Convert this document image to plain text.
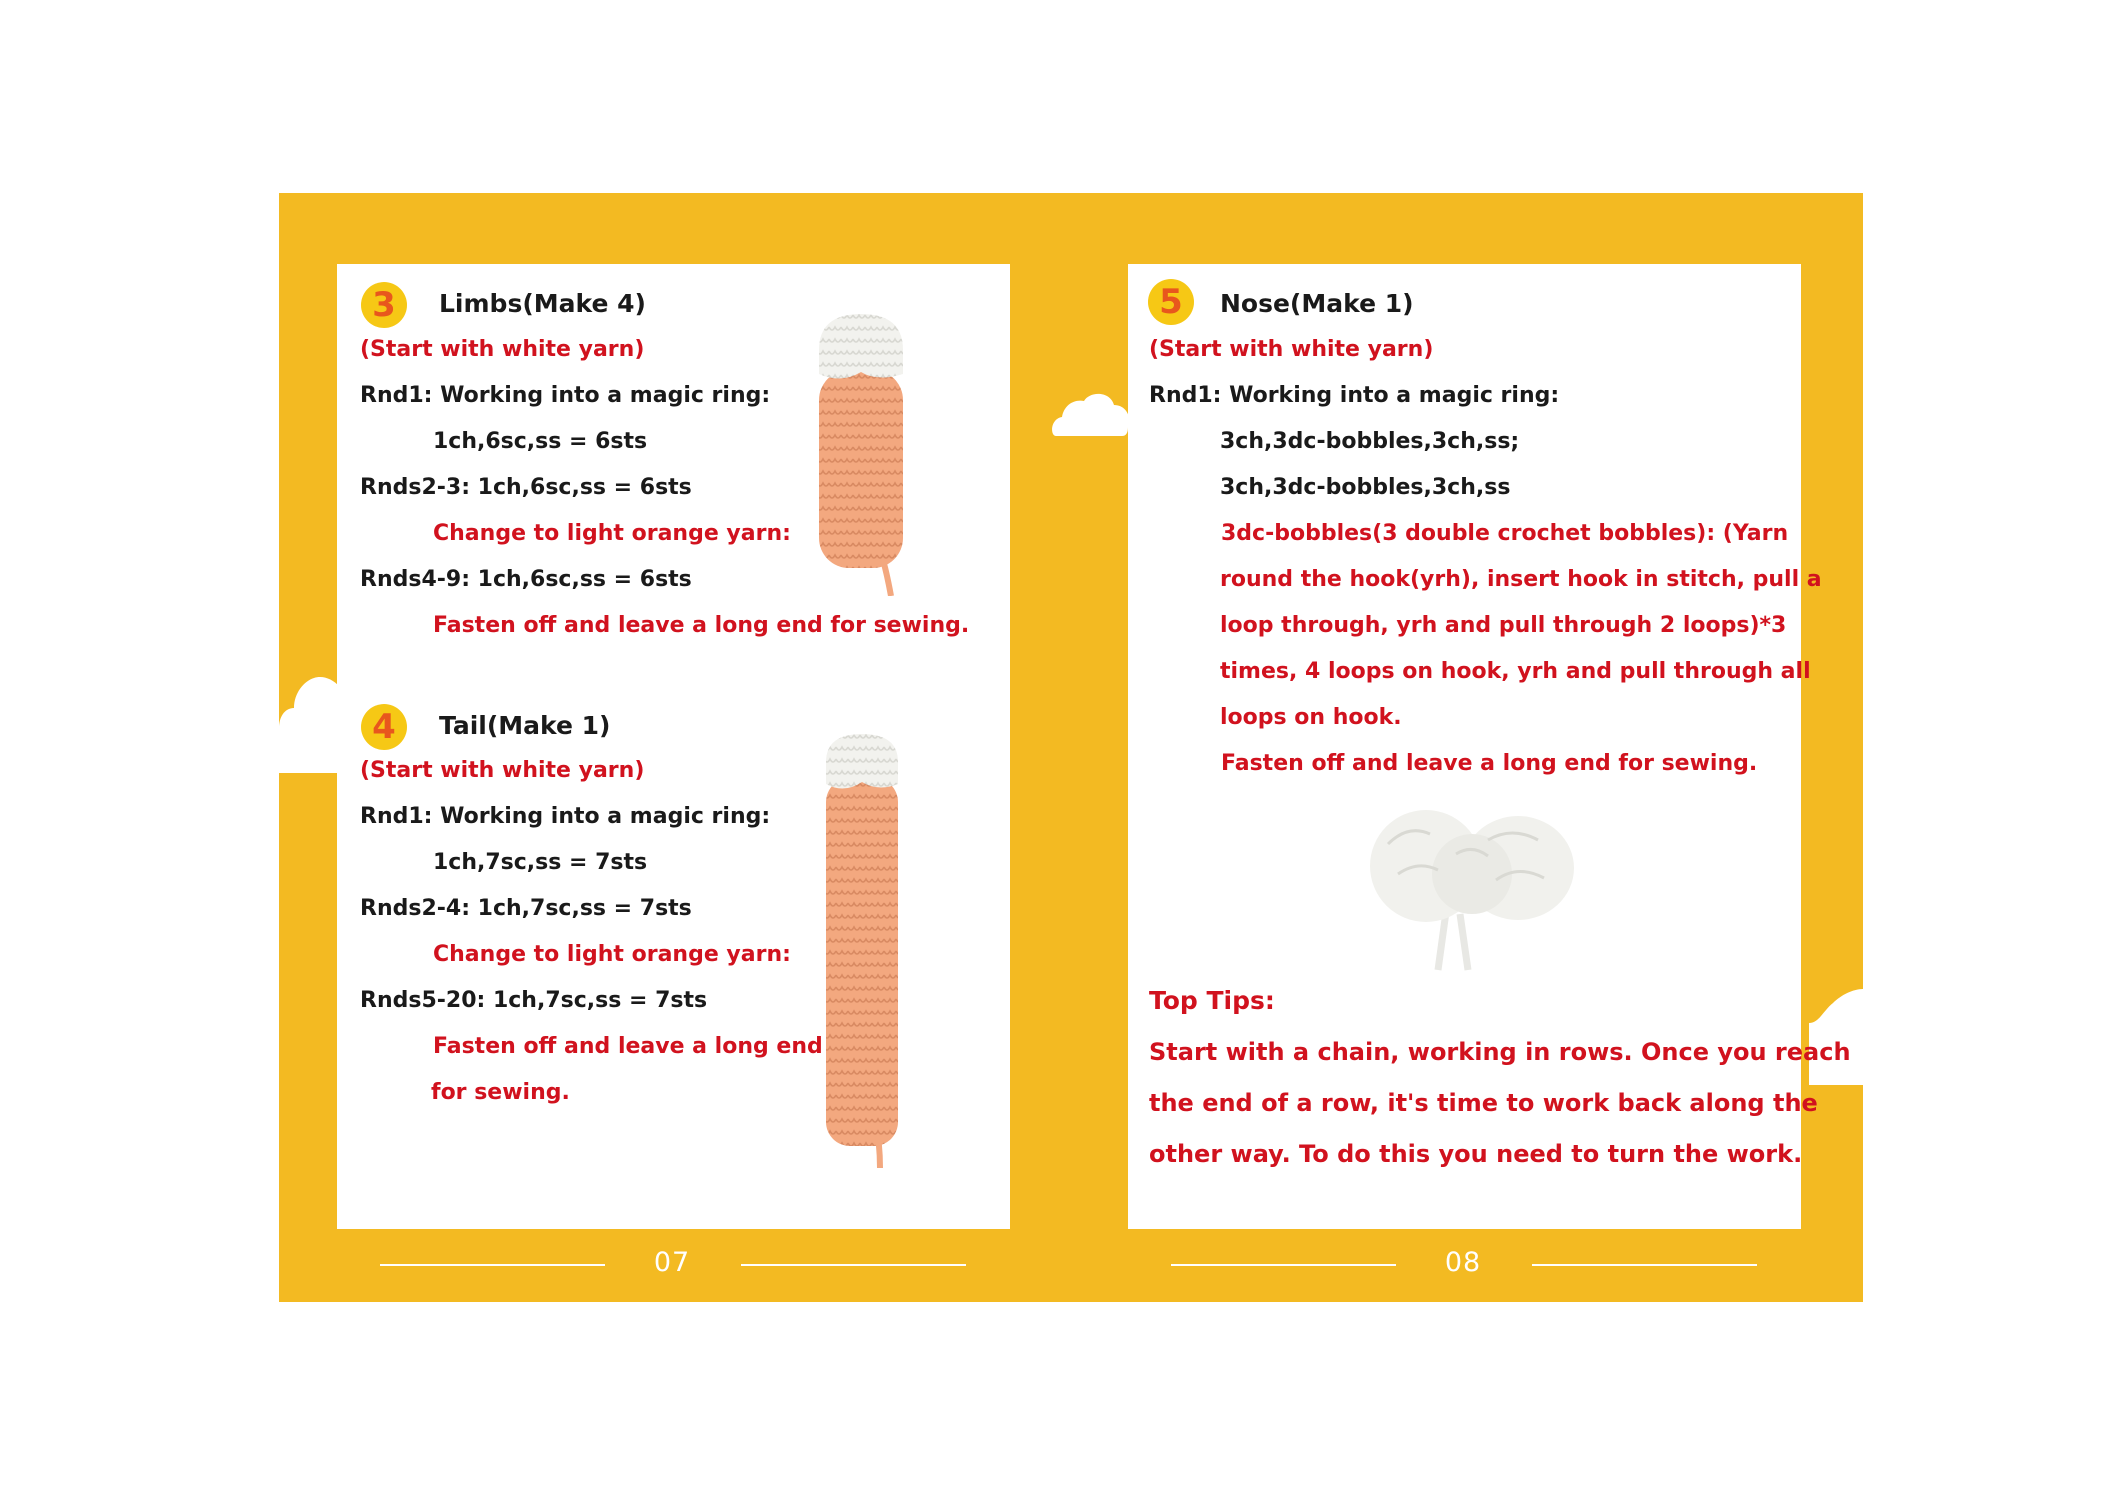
3	Limbs(Make 4)
(Start with white yarn)
Rnd1: Working into a magic ring:
1ch,6sc,ss = 6sts
Rnds2-3: 1ch,6sc,ss = 6sts
Change to light orange yarn:
Rnds4-9: 1ch,6sc,ss = 6sts
Fasten off and leave a long end for sewing.
4	Tail(Make 1)
(Start with white yarn)
Rnd1: Working into a magic ring:
1ch,7sc,ss = 7sts
Rnds2-4: 1ch,7sc,ss = 7sts
Change to light orange yarn:
Rnds5-20: 1ch,7sc,ss = 7sts
Fasten off and leave a long end
for sewing.
5	Nose(Make 1)
(Start with white yarn)
Rnd1: Working into a magic ring:
3ch,3dc-bobbles,3ch,ss;
3ch,3dc-bobbles,3ch,ss
3dc-bobbles(3 double crochet bobbles): (Yarn
round the hook(yrh), insert hook in stitch, pull a
loop through, yrh and pull through 2 loops)*3
times, 4 loops on hook, yrh and pull through all
loops on hook.
Fasten off and leave a long end for sewing.
Top Tips:
Start with a chain, working in rows. Once you reach
the end of a row, it's time to work back along the
other way. To do this you need to turn the work.
07	08
